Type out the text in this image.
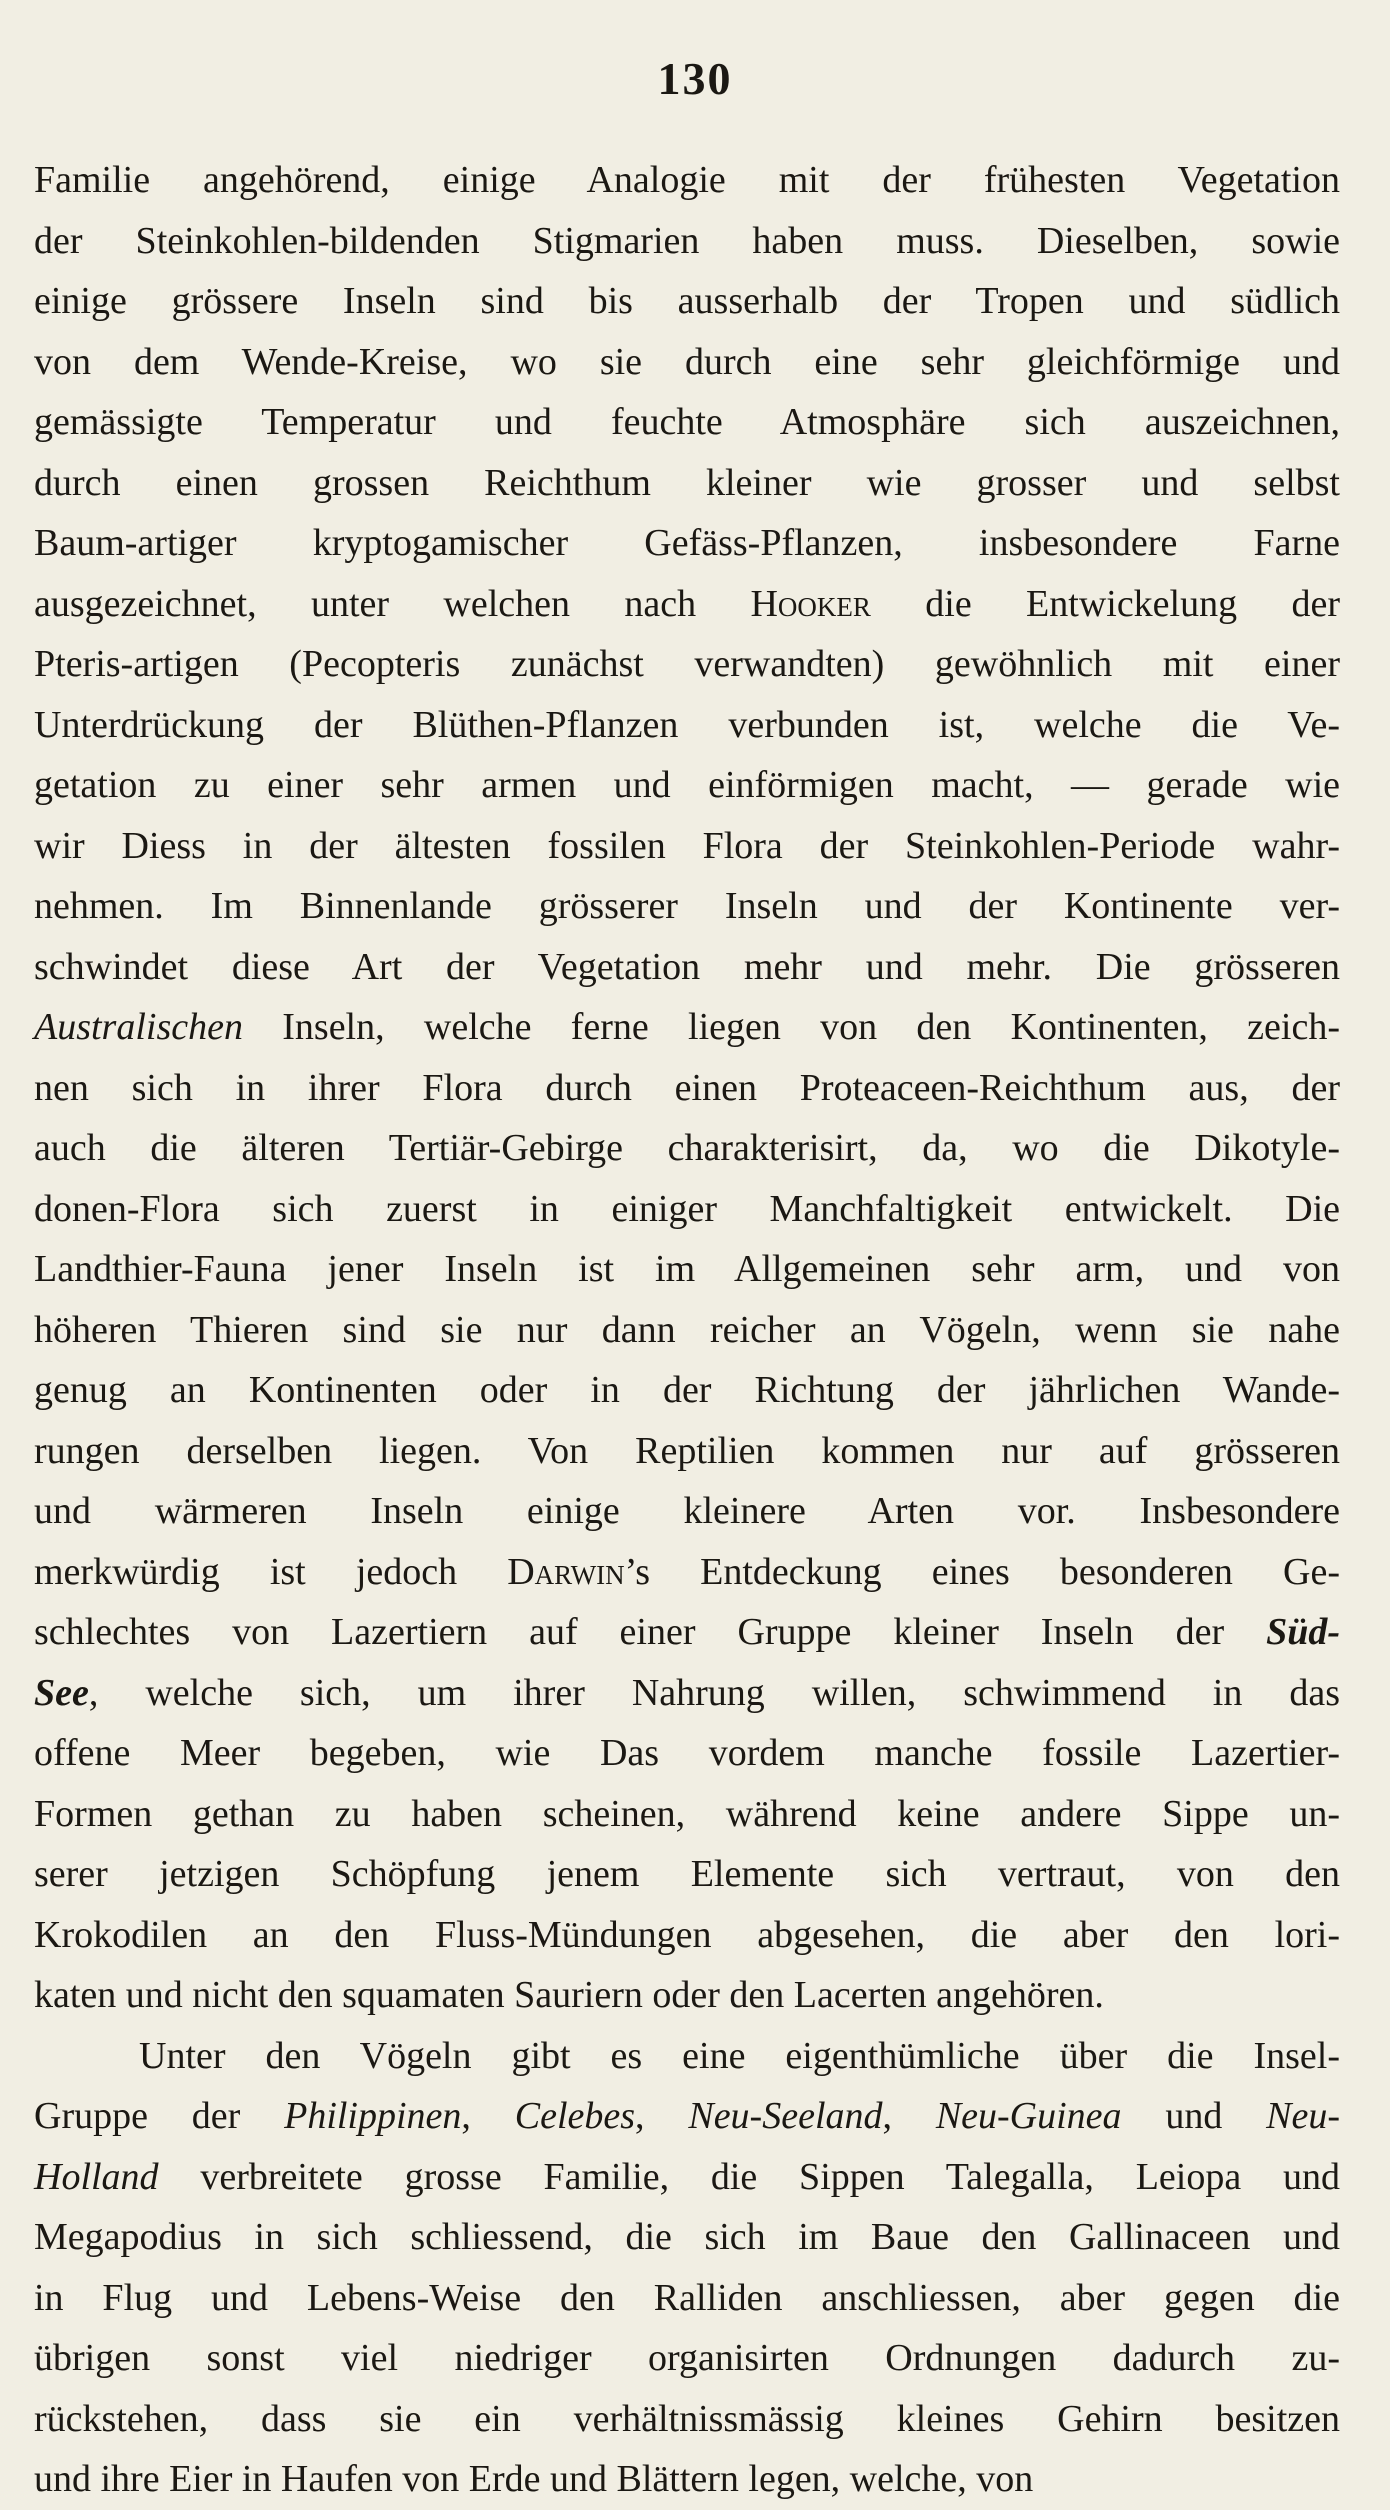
130
Familie angehörend, einige Analogie mit der frühesten Vegetation
der Steinkohlen-bildenden Stigmarien haben muss. Dieselben, sowie
einige grössere Inseln sind bis ausserhalb der Tropen und südlich
von dem Wende-Kreise, wo sie durch eine sehr gleichförmige und
gemässigte Temperatur und feuchte Atmosphäre sich auszeichnen,
durch einen grossen Reichthum kleiner wie grosser und selbst
Baum-artiger kryptogamischer Gefäss-Pflanzen, insbesondere Farne
ausgezeichnet, unter welchen nach Hooker die Entwickelung der
Pteris-artigen (Pecopteris zunächst verwandten) gewöhnlich mit einer
Unterdrückung der Blüthen-Pflanzen verbunden ist, welche die Ve-
getation zu einer sehr armen und einförmigen macht, — gerade wie
wir Diess in der ältesten fossilen Flora der Steinkohlen-Periode wahr-
nehmen. Im Binnenlande grösserer Inseln und der Kontinente ver-
schwindet diese Art der Vegetation mehr und mehr. Die grösseren
Australischen Inseln, welche ferne liegen von den Kontinenten, zeich-
nen sich in ihrer Flora durch einen Proteaceen-Reichthum aus, der
auch die älteren Tertiär-Gebirge charakterisirt, da, wo die Dikotyle-
donen-Flora sich zuerst in einiger Manchfaltigkeit entwickelt. Die
Landthier-Fauna jener Inseln ist im Allgemeinen sehr arm, und von
höheren Thieren sind sie nur dann reicher an Vögeln, wenn sie nahe
genug an Kontinenten oder in der Richtung der jährlichen Wande-
rungen derselben liegen. Von Reptilien kommen nur auf grösseren
und wärmeren Inseln einige kleinere Arten vor. Insbesondere
merkwürdig ist jedoch Darwin’s Entdeckung eines besonderen Ge-
schlechtes von Lazertiern auf einer Gruppe kleiner Inseln der Süd-
See, welche sich, um ihrer Nahrung willen, schwimmend in das
offene Meer begeben, wie Das vordem manche fossile Lazertier-
Formen gethan zu haben scheinen, während keine andere Sippe un-
serer jetzigen Schöpfung jenem Elemente sich vertraut, von den
Krokodilen an den Fluss-Mündungen abgesehen, die aber den lori-
katen und nicht den squamaten Sauriern oder den Lacerten angehören.
Unter den Vögeln gibt es eine eigenthümliche über die Insel-
Gruppe der Philippinen, Celebes, Neu-Seeland, Neu-Guinea und Neu-
Holland verbreitete grosse Familie, die Sippen Talegalla, Leiopa und
Megapodius in sich schliessend, die sich im Baue den Gallinaceen und
in Flug und Lebens-Weise den Ralliden anschliessen, aber gegen die
übrigen sonst viel niedriger organisirten Ordnungen dadurch zu-
rückstehen, dass sie ein verhältnissmässig kleines Gehirn besitzen
und ihre Eier in Haufen von Erde und Blättern legen, welche, von
